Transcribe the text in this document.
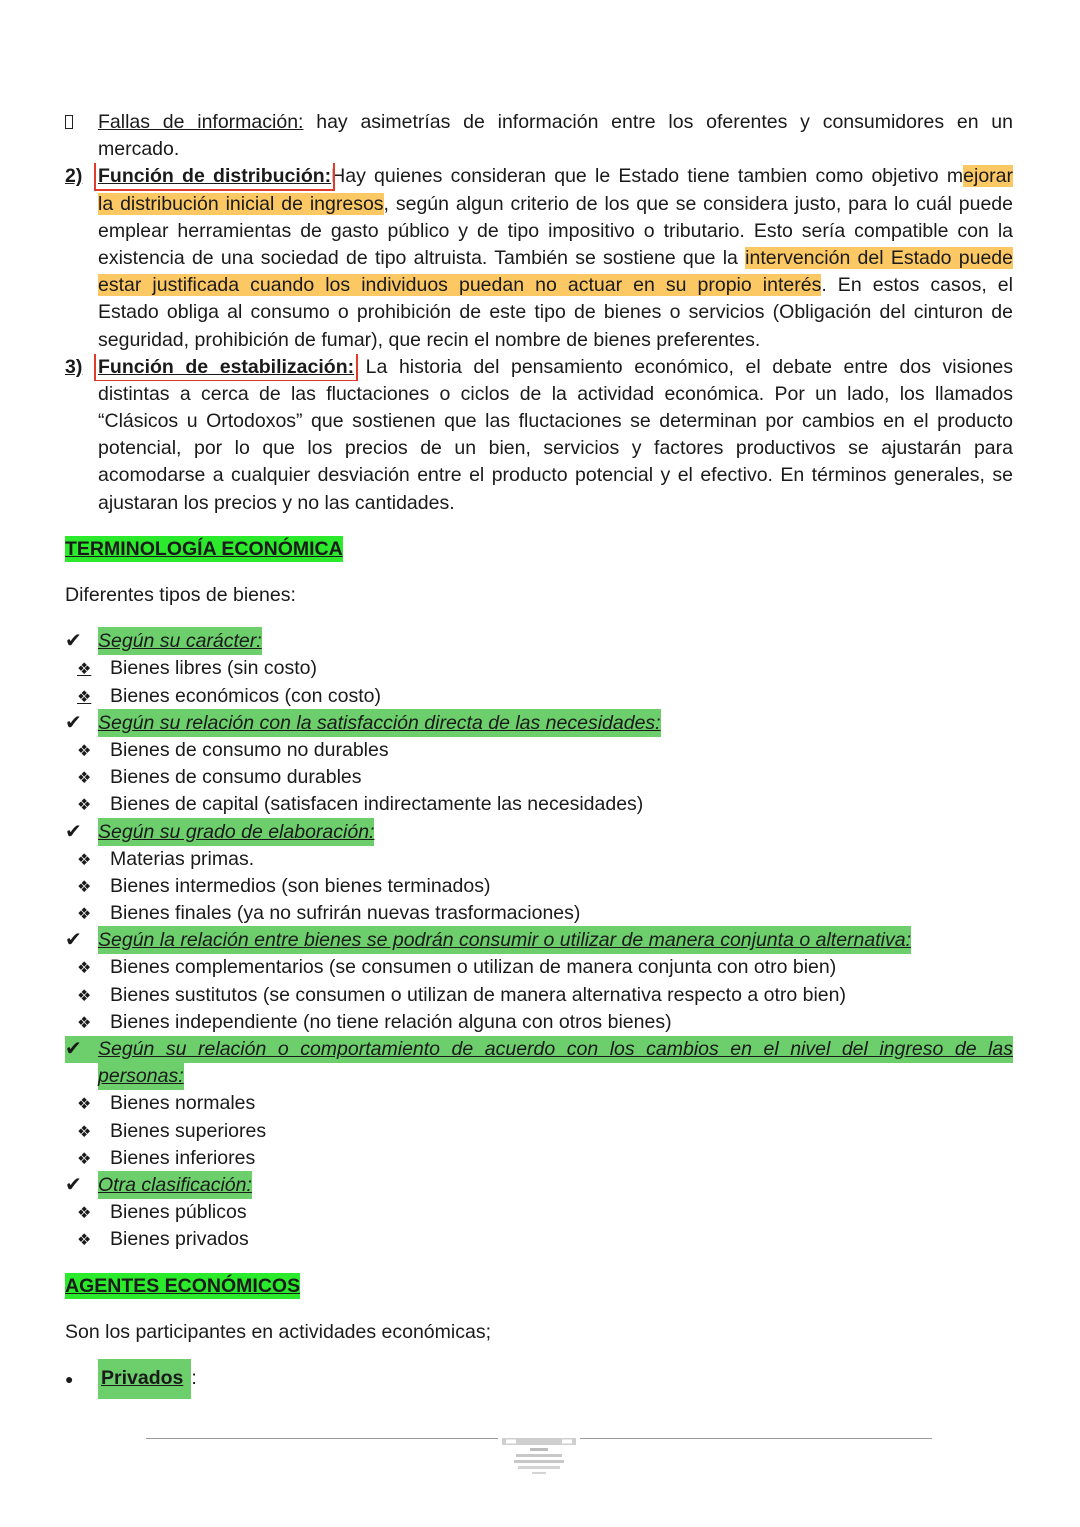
Fallas de información: hay asimetrías de información entre los oferentes y consumidores en un
mercado.
2) Función de distribución:Hay quienes consideran que le Estado tiene tambien como objetivo mejorar
la distribución inicial de ingresos, según algun criterio de los que se considera justo, para lo cuál puede
emplear herramientas de gasto público y de tipo impositivo o tributario. Esto sería compatible con la
existencia de una sociedad de tipo altruista. También se sostiene que la intervención del Estado puede
estar justificada cuando los individuos puedan no actuar en su propio interés. En estos casos, el
Estado obliga al consumo o prohibición de este tipo de bienes o servicios (Obligación del cinturon de
seguridad, prohibición de fumar), que recin el nombre de bienes preferentes.
3) Función de estabilización: La historia del pensamiento económico, el debate entre dos visiones
distintas a cerca de las fluctaciones o ciclos de la actividad económica. Por un lado, los llamados
“Clásicos u Ortodoxos” que sostienen que las fluctaciones se determinan por cambios en el producto
potencial, por lo que los precios de un bien, servicios y factores productivos se ajustarán para
acomodarse a cualquier desviación entre el producto potencial y el efectivo. En términos generales, se
ajustaran los precios y no las cantidades.
TERMINOLOGÍA ECONÓMICA
Diferentes tipos de bienes:
✔ Según su carácter:
❖ Bienes libres (sin costo)
❖ Bienes económicos (con costo)
✔ Según su relación con la satisfacción directa de las necesidades:
❖ Bienes de consumo no durables
❖ Bienes de consumo durables
❖ Bienes de capital (satisfacen indirectamente las necesidades)
✔ Según su grado de elaboración:
❖ Materias primas.
❖ Bienes intermedios (son bienes terminados)
❖ Bienes finales (ya no sufrirán nuevas trasformaciones)
✔ Según la relación entre bienes se podrán consumir o utilizar de manera conjunta o alternativa:
❖ Bienes complementarios (se consumen o utilizan de manera conjunta con otro bien)
❖ Bienes sustitutos (se consumen o utilizan de manera alternativa respecto a otro bien)
❖ Bienes independiente (no tiene relación alguna con otros bienes)
✔ Según su relación o comportamiento de acuerdo con los cambios en el nivel del ingreso de las
personas:
❖ Bienes normales
❖ Bienes superiores
❖ Bienes inferiores
✔ Otra clasificación:
❖ Bienes públicos
❖ Bienes privados
AGENTES ECONÓMICOS
Son los participantes en actividades económicas;
● Privados :
